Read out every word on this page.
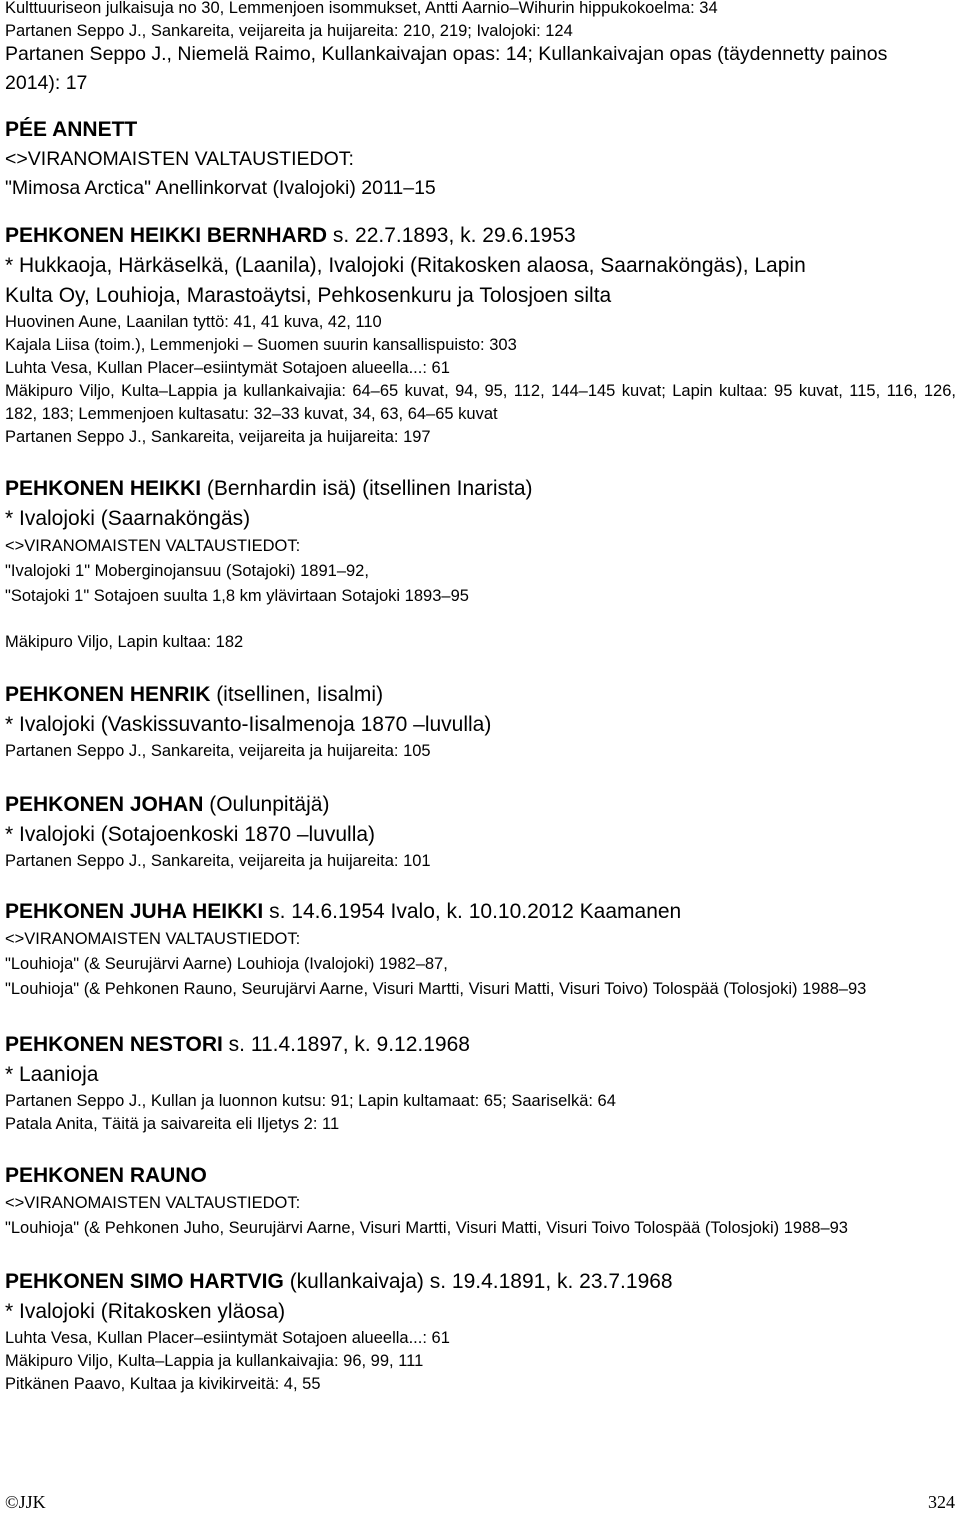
Kulttuuriseon julkaisuja no 30, Lemmenjoen isommukset, Antti Aarnio–Wihurin hippukokoelma: 34
Partanen Seppo J., Sankareita, veijareita ja huijareita: 210, 219; Ivalojoki: 124
Partanen Seppo J., Niemelä Raimo, Kullankaivajan opas: 14; Kullankaivajan opas (täydennetty painos
2014): 17
PÉE ANNETT
<>VIRANOMAISTEN VALTAUSTIEDOT:
"Mimosa Arctica" Anellinkorvat (Ivalojoki) 2011–15
PEHKONEN HEIKKI BERNHARD s. 22.7.1893, k. 29.6.1953
* Hukkaoja, Härkäselkä, (Laanila), Ivalojoki (Ritakosken alaosa, Saarnaköngäs), Lapin
Kulta Oy, Louhioja, Marastoäytsi, Pehkosenkuru ja Tolosjoen silta
Huovinen Aune, Laanilan tyttö: 41, 41 kuva, 42, 110
Kajala Liisa (toim.), Lemmenjoki – Suomen suurin kansallispuisto: 303
Luhta Vesa, Kullan Placer–esiintymät Sotajoen alueella...: 61
Mäkipuro Viljo, Kulta–Lappia ja kullankaivajia: 64–65 kuvat, 94, 95, 112, 144–145 kuvat; Lapin kultaa: 95 kuvat, 115, 116, 126, 182, 183; Lemmenjoen kultasatu: 32–33 kuvat, 34, 63, 64–65 kuvat
Partanen Seppo J., Sankareita, veijareita ja huijareita: 197
PEHKONEN HEIKKI (Bernhardin isä) (itsellinen Inarista)
* Ivalojoki (Saarnaköngäs)
<>VIRANOMAISTEN VALTAUSTIEDOT:
"Ivalojoki 1" Moberginojansuu (Sotajoki) 1891–92,
"Sotajoki 1" Sotajoen suulta 1,8 km ylävirtaan Sotajoki 1893–95
Mäkipuro Viljo, Lapin kultaa: 182
PEHKONEN HENRIK (itsellinen, Iisalmi)
* Ivalojoki (Vaskissuvanto-Iisalmenoja 1870 –luvulla)
Partanen Seppo J., Sankareita, veijareita ja huijareita: 105
PEHKONEN JOHAN (Oulunpitäjä)
* Ivalojoki (Sotajoenkoski 1870 –luvulla)
Partanen Seppo J., Sankareita, veijareita ja huijareita: 101
PEHKONEN JUHA HEIKKI s. 14.6.1954 Ivalo, k. 10.10.2012 Kaamanen
<>VIRANOMAISTEN VALTAUSTIEDOT:
"Louhioja" (& Seurujärvi Aarne) Louhioja (Ivalojoki) 1982–87,
"Louhioja" (& Pehkonen Rauno, Seurujärvi Aarne, Visuri Martti, Visuri Matti, Visuri Toivo) Tolospää (Tolosjoki) 1988–93
PEHKONEN NESTORI s. 11.4.1897, k. 9.12.1968
* Laanioja
Partanen Seppo J., Kullan ja luonnon kutsu: 91; Lapin kultamaat: 65; Saariselkä: 64
Patala Anita, Täitä ja saivareita eli Iljetys 2: 11
PEHKONEN RAUNO
<>VIRANOMAISTEN VALTAUSTIEDOT:
"Louhioja" (& Pehkonen Juho, Seurujärvi Aarne, Visuri Martti, Visuri Matti, Visuri Toivo Tolospää (Tolosjoki) 1988–93
PEHKONEN SIMO HARTVIG (kullankaivaja) s. 19.4.1891, k. 23.7.1968
* Ivalojoki (Ritakosken yläosa)
Luhta Vesa, Kullan Placer–esiintymät Sotajoen alueella...: 61
Mäkipuro Viljo, Kulta–Lappia ja kullankaivajia: 96, 99, 111
Pitkänen Paavo, Kultaa ja kivikirveitä: 4, 55
©JJK	324
